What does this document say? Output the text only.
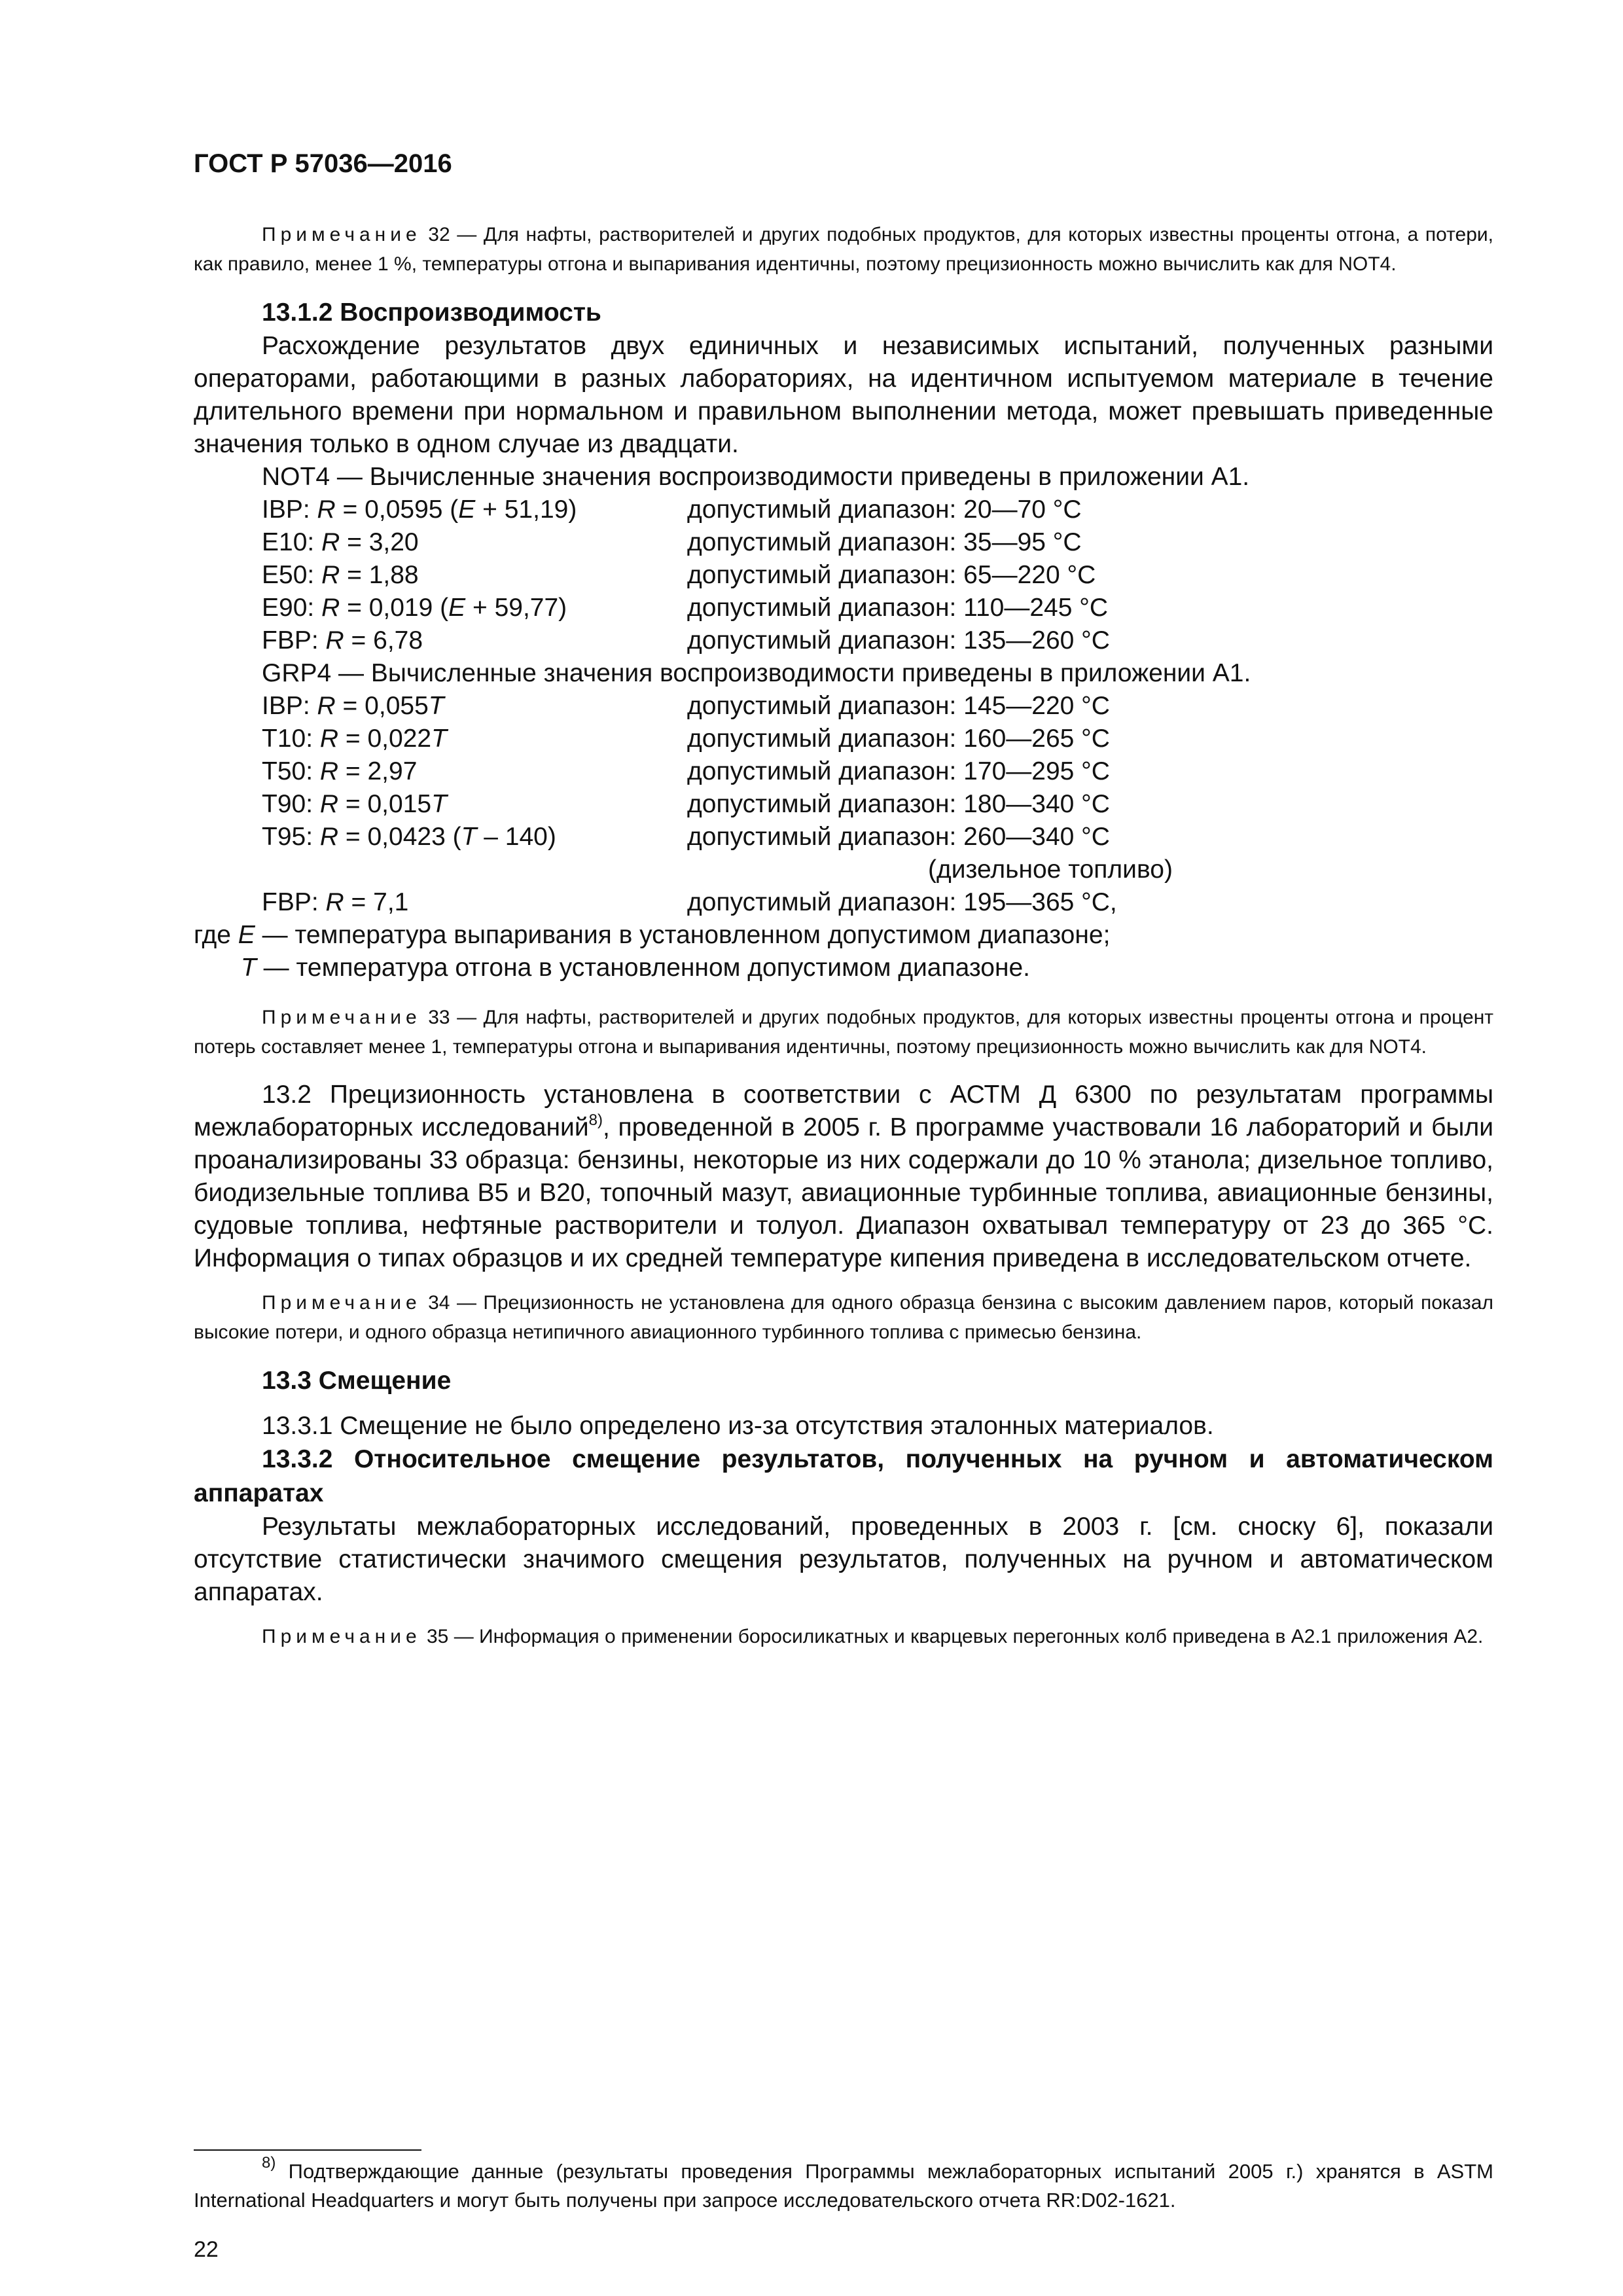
ГОСТ Р 57036—2016

Примечание 32 — Для нафты, растворителей и других подобных продуктов, для которых известны проценты отгона, а потери, как правило, менее 1 %, температуры отгона и выпаривания идентичны, поэтому прецизионность можно вычислить как для NOT4.

13.1.2 Воспроизводимость

Расхождение результатов двух единичных и независимых испытаний, полученных разными операторами, работающими в разных лабораториях, на идентичном испытуемом материале в течение длительного времени при нормальном и правильном выполнении метода, может превышать приведенные значения только в одном случае из двадцати.

NOT4 — Вычисленные значения воспроизводимости приведены в приложении А1.

IBP: R = 0,0595 (E + 51,19)	допустимый диапазон: 20—70 °С
E10: R = 3,20	допустимый диапазон: 35—95 °С
E50: R = 1,88	допустимый диапазон: 65—220 °С
E90: R = 0,019 (E + 59,77)	допустимый диапазон: 110—245 °С
FBP: R = 6,78	допустимый диапазон: 135—260 °С

GRP4 — Вычисленные значения воспроизводимости приведены в приложении А1.

IBP: R = 0,055T	допустимый диапазон: 145—220 °С
T10: R = 0,022T	допустимый диапазон: 160—265 °С
T50: R = 2,97	допустимый диапазон: 170—295 °С
T90: R = 0,015T	допустимый диапазон: 180—340 °С
T95: R = 0,0423 (T – 140)	допустимый диапазон: 260—340 °С
(дизельное топливо)
FBP: R = 7,1	допустимый диапазон: 195—365 °С,

где E — температура выпаривания в установленном допустимом диапазоне;

T — температура отгона в установленном допустимом диапазоне.

Примечание 33 — Для нафты, растворителей и других подобных продуктов, для которых известны проценты отгона и процент потерь составляет менее 1, температуры отгона и выпаривания идентичны, поэтому прецизионность можно вычислить как для NOT4.

13.2 Прецизионность установлена в соответствии с АСТМ Д 6300 по результатам программы межлабораторных исследований$^{8)}$, проведенной в 2005 г. В программе участвовали 16 лабораторий и были проанализированы 33 образца: бензины, некоторые из них содержали до 10 % этанола; дизельное топливо, биодизельные топлива В5 и В20, топочный мазут, авиационные турбинные топлива, авиационные бензины, судовые топлива, нефтяные растворители и толуол. Диапазон охватывал температуру от 23 до 365 °С. Информация о типах образцов и их средней температуре кипения приведена в исследовательском отчете.

Примечание 34 — Прецизионность не установлена для одного образца бензина с высоким давлением паров, который показал высокие потери, и одного образца нетипичного авиационного турбинного топлива с примесью бензина.

13.3 Смещение

13.3.1 Смещение не было определено из-за отсутствия эталонных материалов.

13.3.2 Относительное смещение результатов, полученных на ручном и автоматическом аппаратах

Результаты межлабораторных исследований, проведенных в 2003 г. [см. сноску 6], показали отсутствие статистически значимого смещения результатов, полученных на ручном и автоматическом аппаратах.

Примечание 35 — Информация о применении боросиликатных и кварцевых перегонных колб приведена в А2.1 приложения А2.

$^{8)}$ Подтверждающие данные (результаты проведения Программы межлабораторных испытаний 2005 г.) хранятся в ASTM International Headquarters и могут быть получены при запросе исследовательского отчета RR:D02-1621.

22
